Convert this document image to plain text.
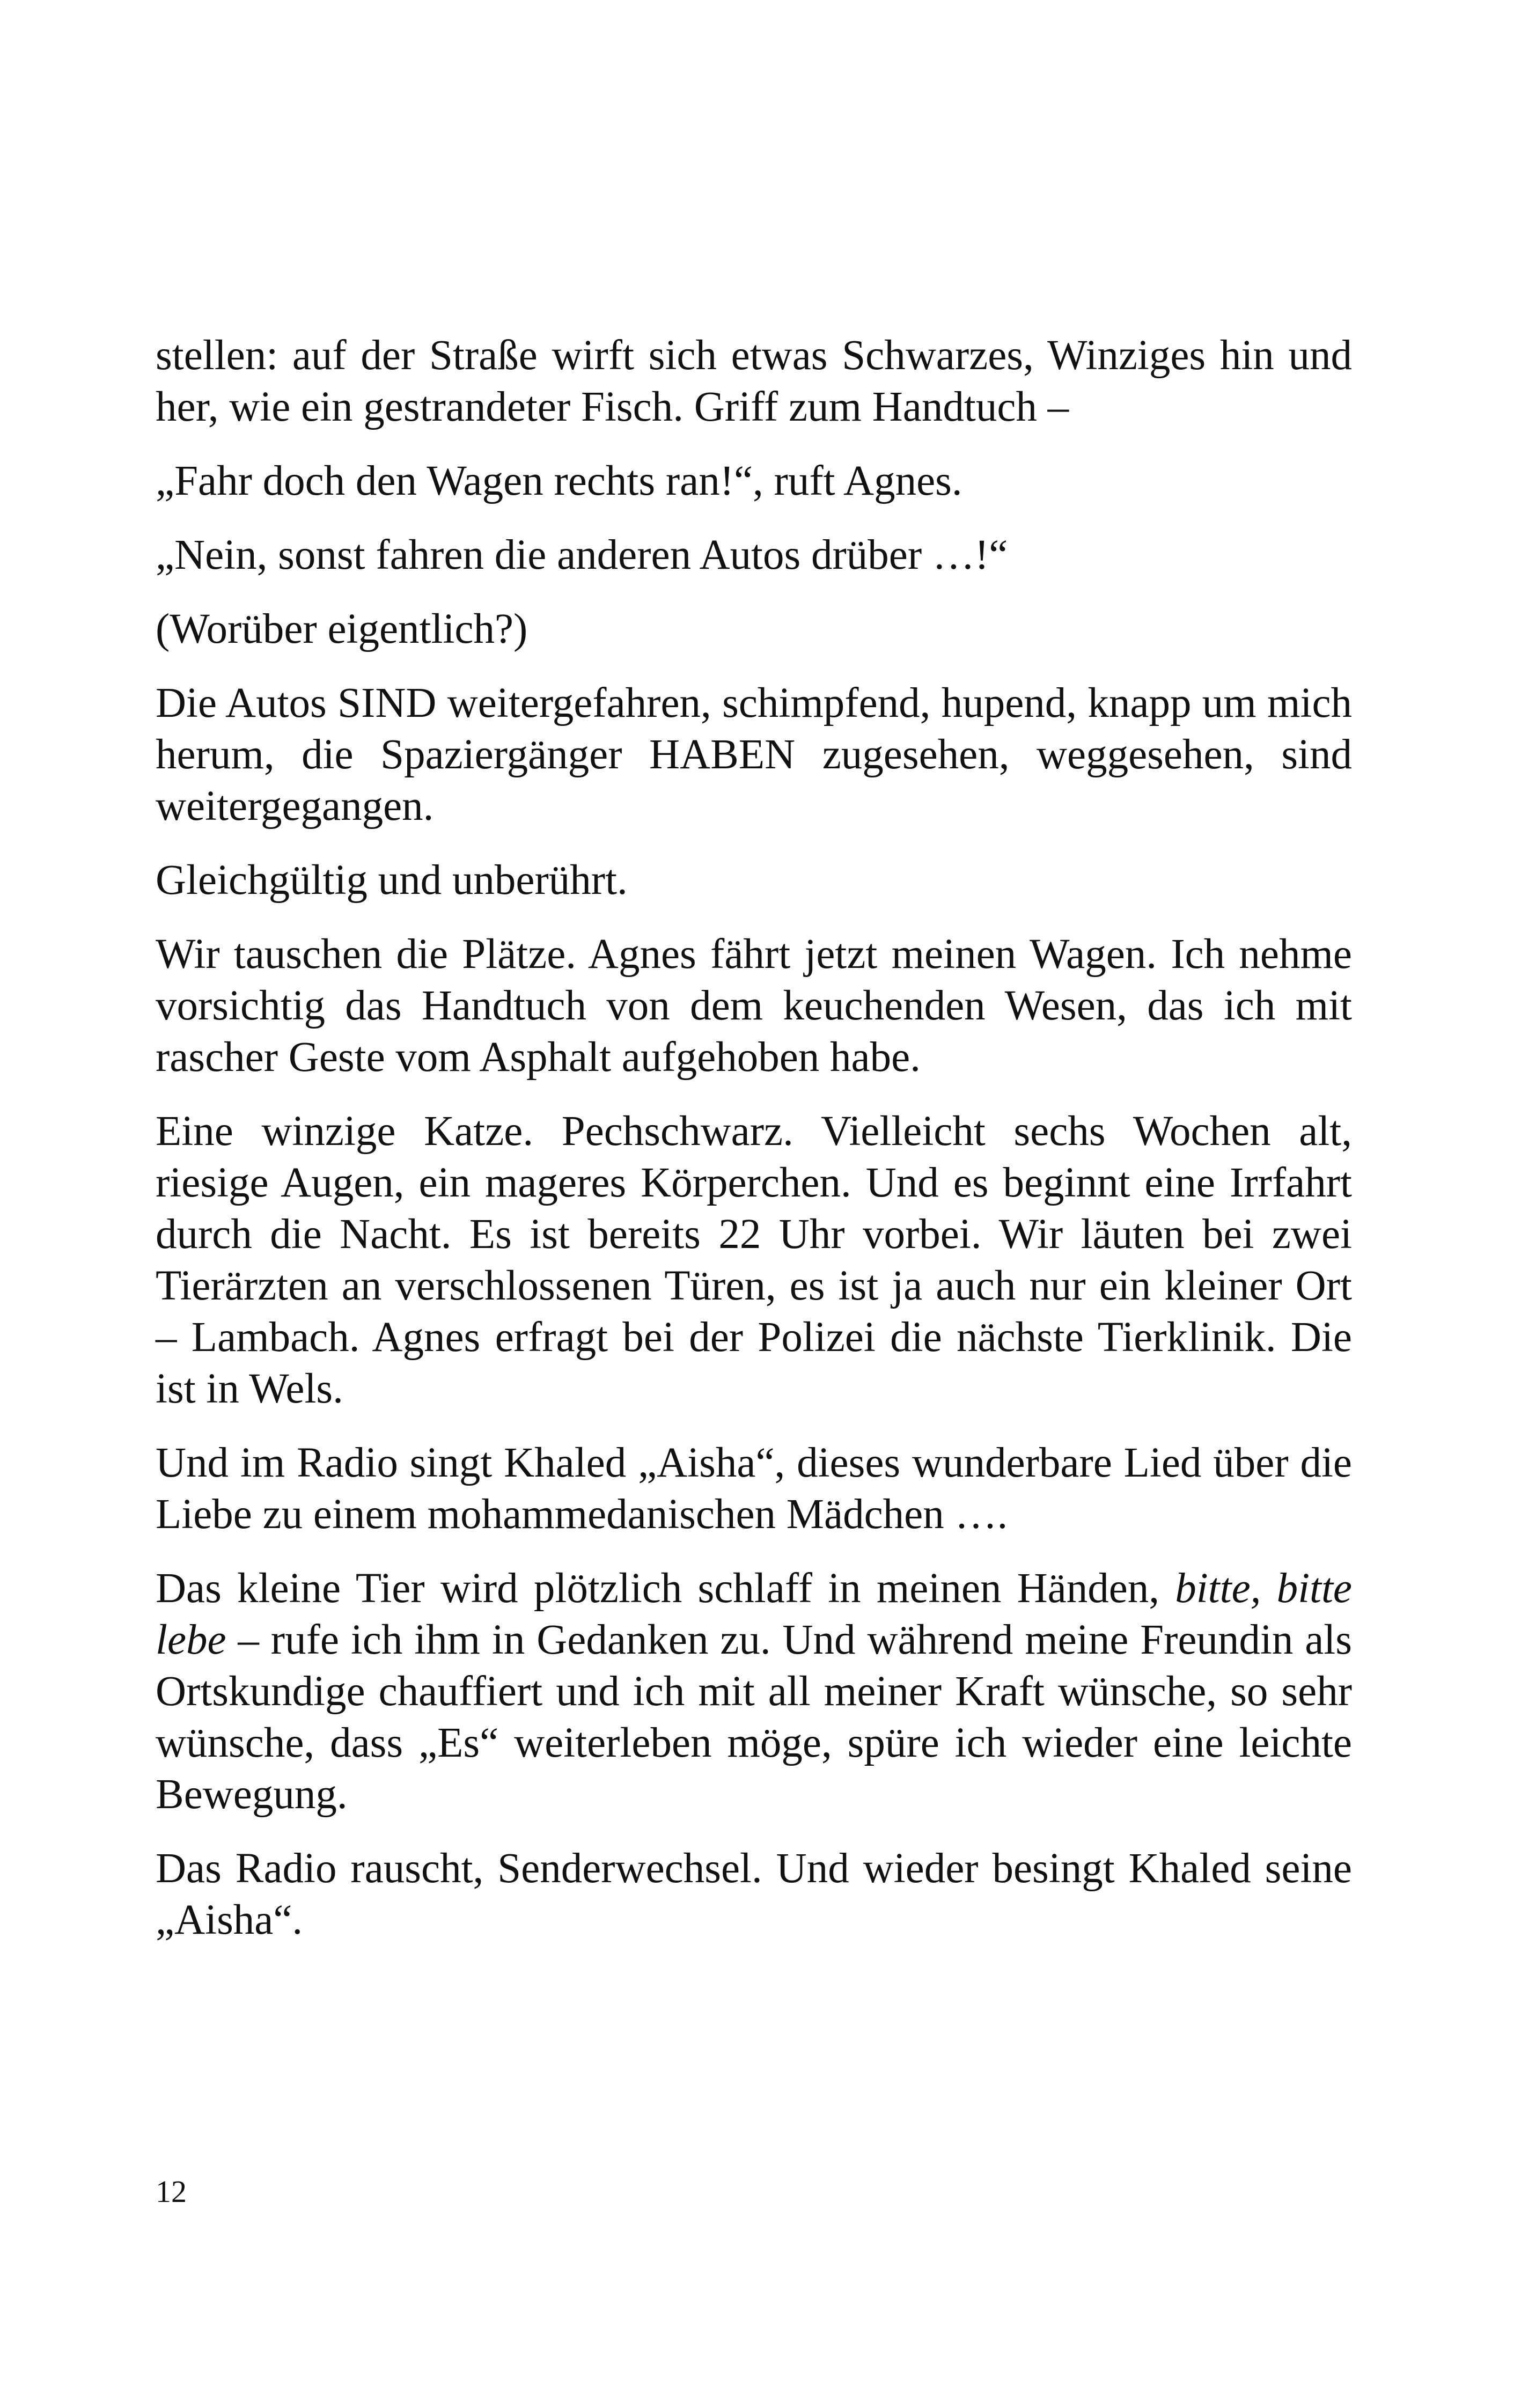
stellen: auf der Straße wirft sich etwas Schwarzes, Winziges hin und her, wie ein gestrandeter Fisch. Griff zum Handtuch –

„Fahr doch den Wagen rechts ran!“, ruft Agnes.

„Nein, sonst fahren die anderen Autos drüber …!“

(Worüber eigentlich?)

Die Autos SIND weitergefahren, schimpfend, hupend, knapp um mich herum, die Spaziergänger HABEN zugesehen, weggesehen, sind weitergegangen.

Gleichgültig und unberührt.

Wir tauschen die Plätze. Agnes fährt jetzt meinen Wagen. Ich nehme vorsichtig das Handtuch von dem keuchenden Wesen, das ich mit rascher Geste vom Asphalt aufgehoben habe.

Eine winzige Katze. Pechschwarz. Vielleicht sechs Wochen alt, riesige Augen, ein mageres Körperchen. Und es beginnt eine Irrfahrt durch die Nacht. Es ist bereits 22 Uhr vorbei. Wir läuten bei zwei Tierärzten an verschlossenen Türen, es ist ja auch nur ein kleiner Ort – Lambach. Agnes erfragt bei der Polizei die nächste Tierklinik. Die ist in Wels.

Und im Radio singt Khaled „Aisha“, dieses wunderbare Lied über die Liebe zu einem mohammedanischen Mädchen ….

Das kleine Tier wird plötzlich schlaff in meinen Händen, bitte, bitte lebe – rufe ich ihm in Gedanken zu. Und während meine Freundin als Ortskundige chauffiert und ich mit all meiner Kraft wünsche, so sehr wünsche, dass „Es“ weiterleben möge, spüre ich wieder eine leichte Bewegung.

Das Radio rauscht, Senderwechsel. Und wieder besingt Khaled seine „Aisha“.

12
